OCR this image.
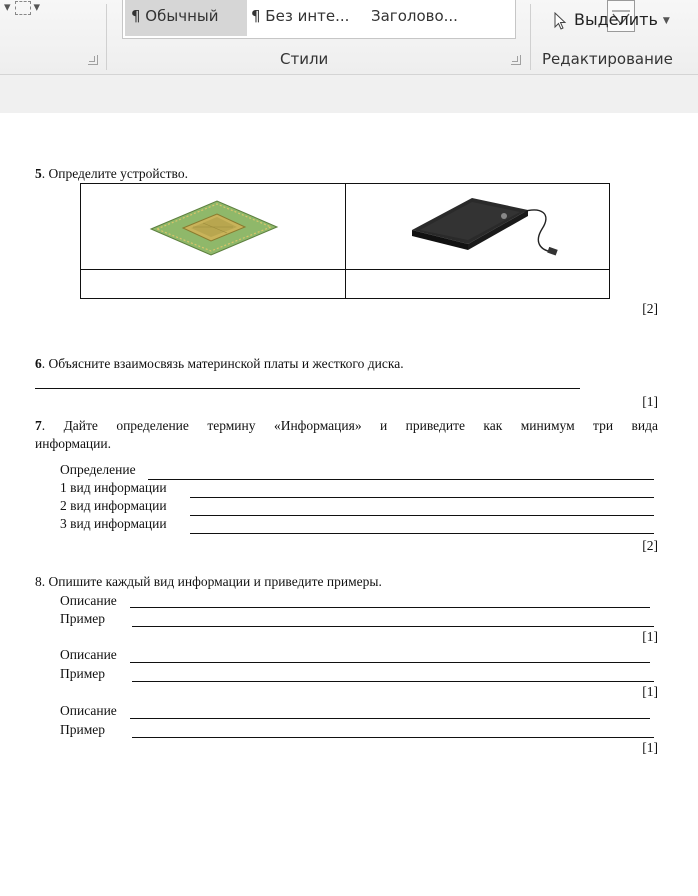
▾ ▾	¶ Обычный	¶ Без инте...	Заголово...
Стили
Выделить ▼
Редактирование
5. Определите устройство.

[2]
6. Объясните взаимосвязь материнской платы и жесткого диска.
[1]
7. Дайте определение термину «Информация» и приведите как минимум три вида
информации.
Определение
1 вид информации
2 вид информации
3 вид информации
[2]
8. Опишите каждый вид информации и приведите примеры.
Описание
Пример
[1]
Описание
Пример
[1]
Описание
Пример
[1]
